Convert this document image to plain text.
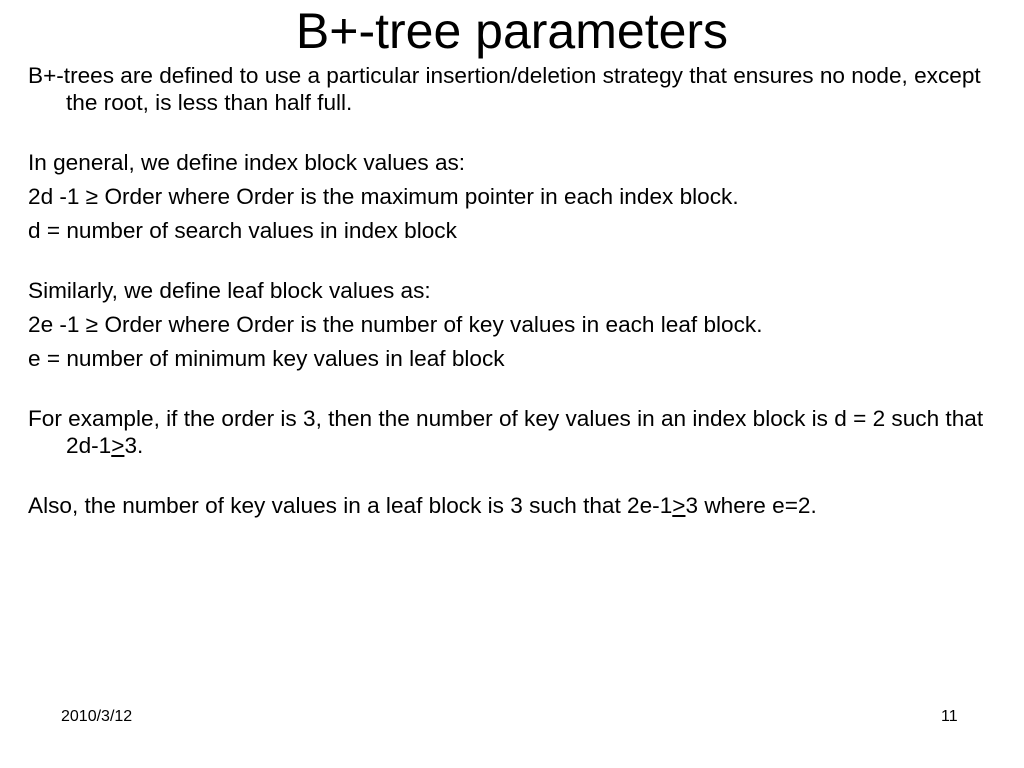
B+-tree parameters

B+-trees are defined to use a particular insertion/deletion strategy that ensures no node, except the root, is less than half full.

In general, we define index block values as:

2d -1 ≥ Order where Order is the maximum pointer in each index block.

d = number of search values in index block

Similarly, we define leaf block values as:

2e -1 ≥ Order where Order is the number of key values in each leaf block.

e = number of minimum key values in leaf block

For example, if the order is 3, then the number of key values in an index block is d = 2 such that 2d-1≥3.

Also, the number of key values in a leaf block is 3 such that 2e-1≥3 where e=2.

2010/3/12	11
